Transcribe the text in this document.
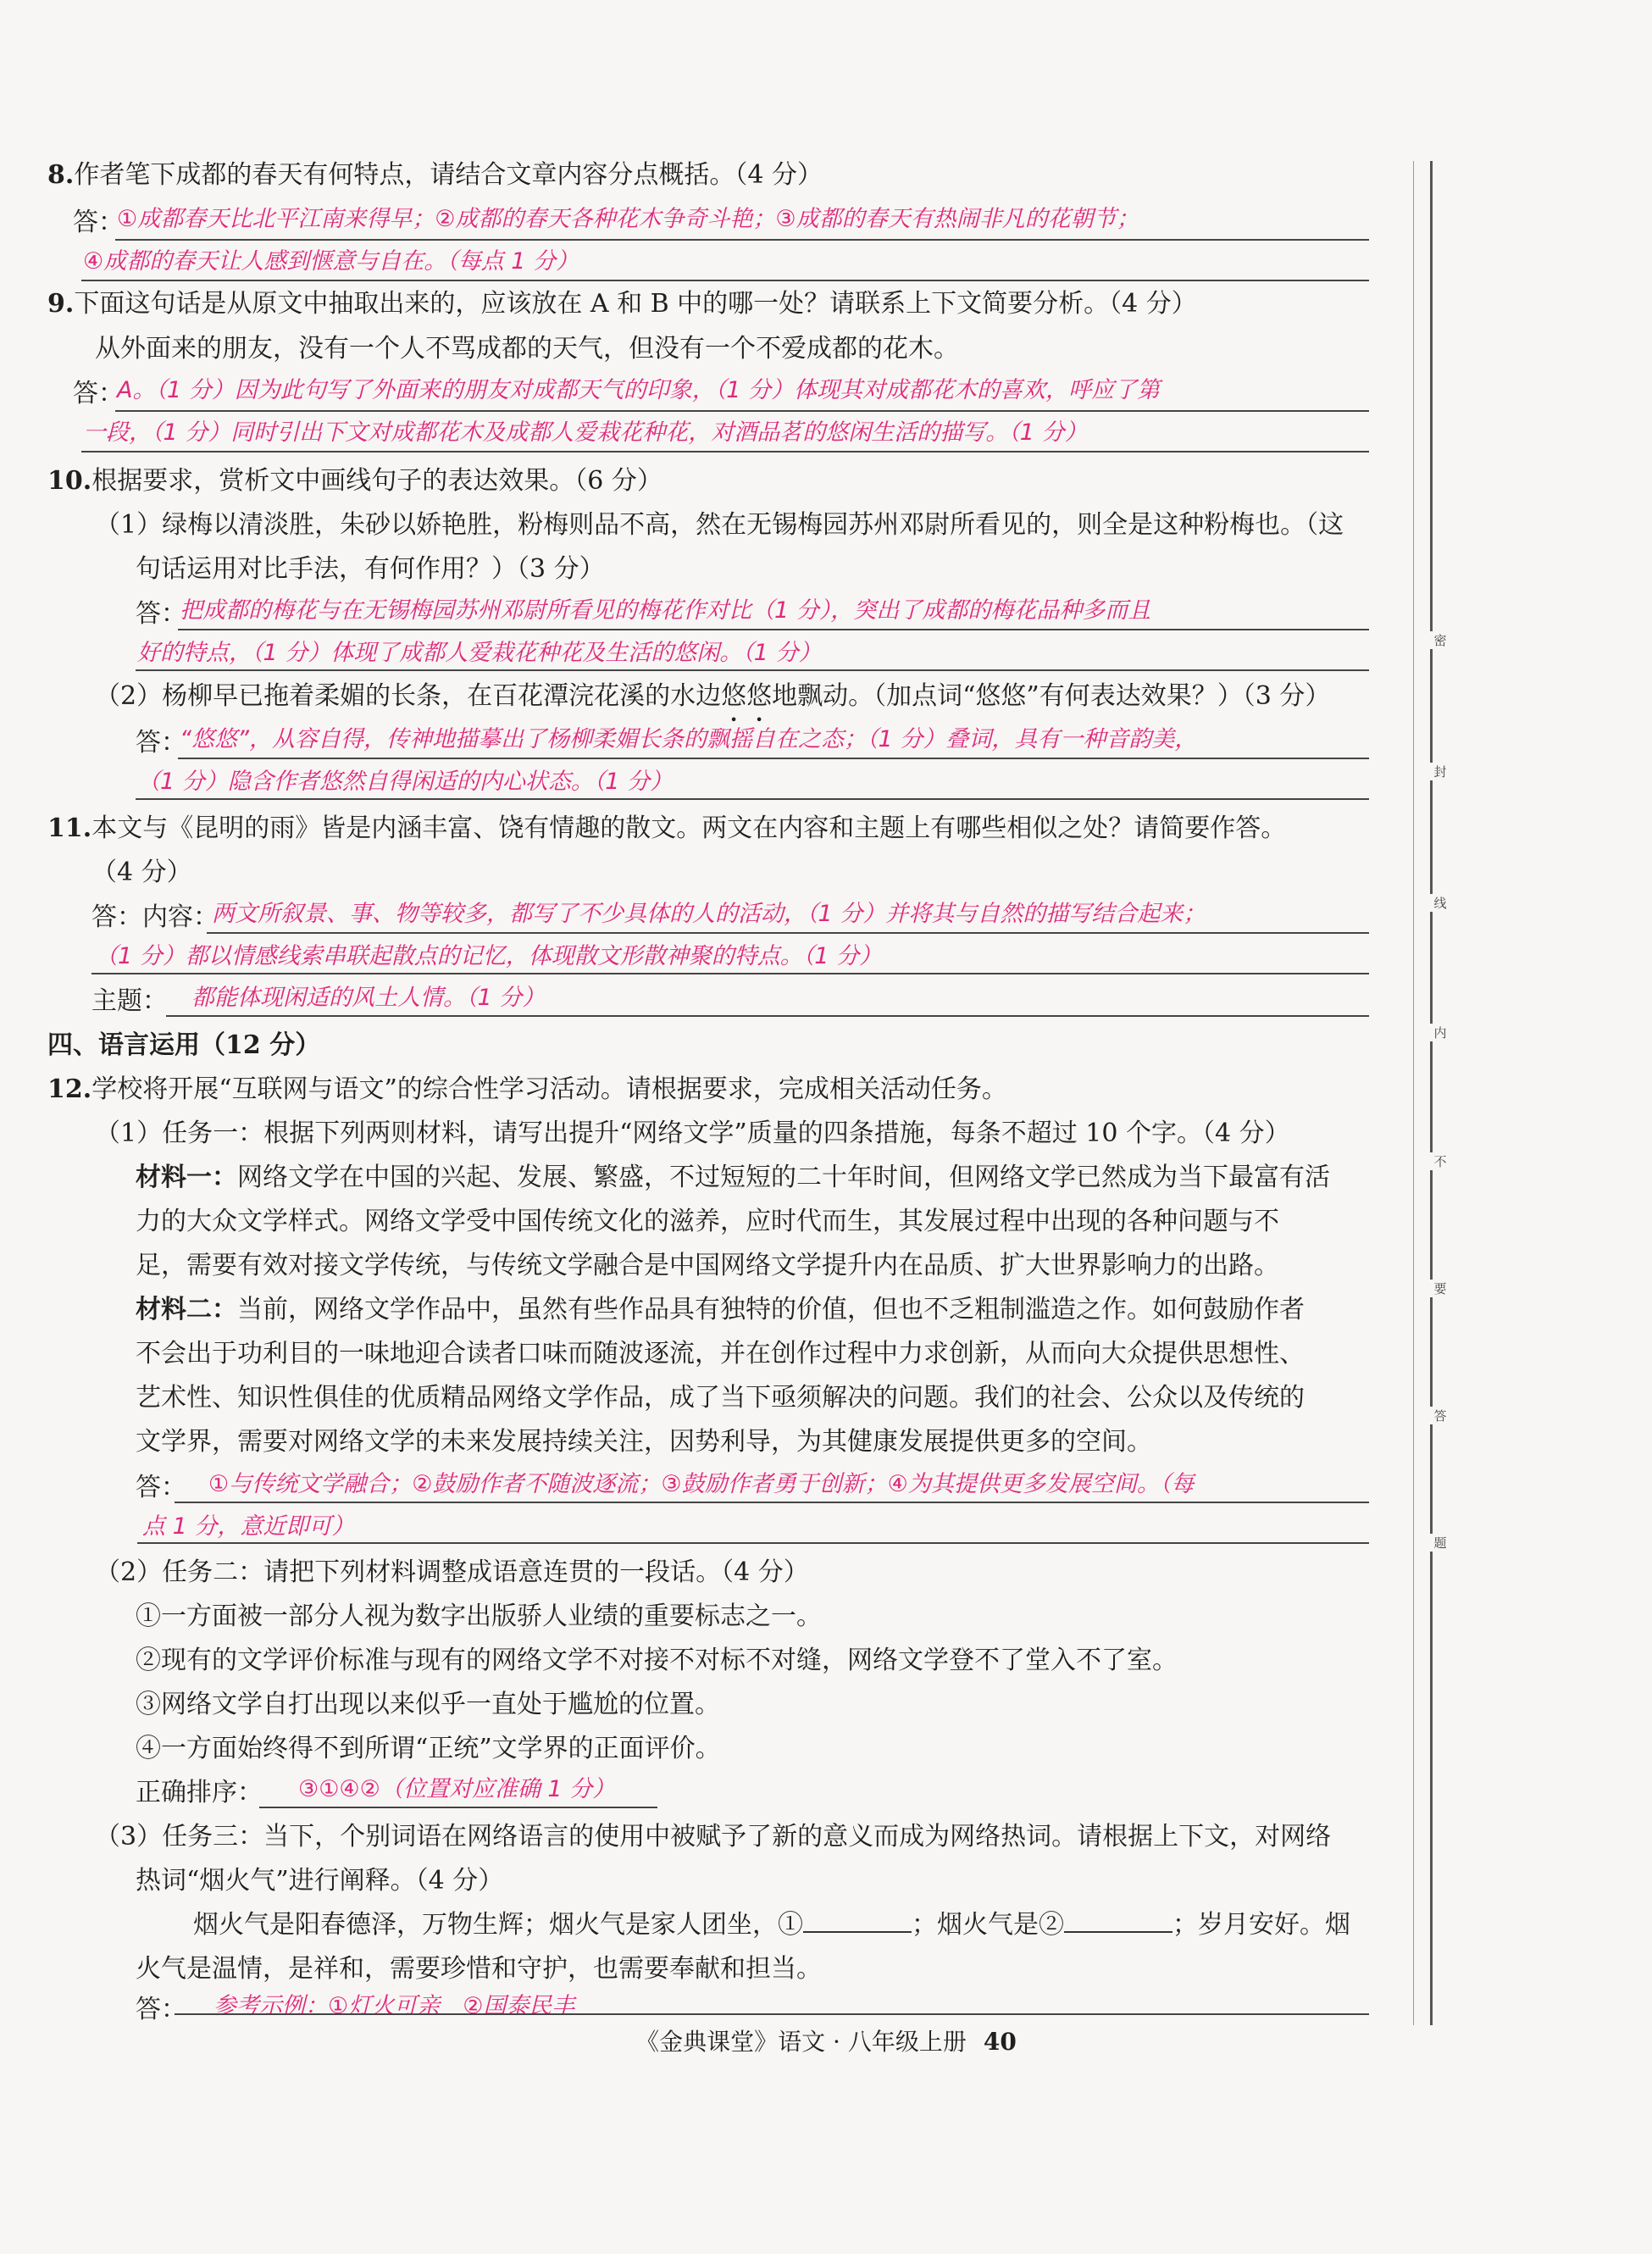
8.作者笔下成都的春天有何特点，请结合文章内容分点概括。（4 分）
答：
①成都春天比北平江南来得早；②成都的春天各种花木争奇斗艳；③成都的春天有热闹非凡的花朝节；
④成都的春天让人感到惬意与自在。（每点 1 分）
9.下面这句话是从原文中抽取出来的，应该放在 A 和 B 中的哪一处？请联系上下文简要分析。（4 分）
从外面来的朋友，没有一个人不骂成都的天气，但没有一个不爱成都的花木。
答：
A。（1 分）因为此句写了外面来的朋友对成都天气的印象，（1 分）体现其对成都花木的喜欢，呼应了第
一段，（1 分）同时引出下文对成都花木及成都人爱栽花种花，对酒品茗的悠闲生活的描写。（1 分）
10.根据要求，赏析文中画线句子的表达效果。（6 分）
（1）绿梅以清淡胜，朱砂以娇艳胜，粉梅则品不高，然在无锡梅园苏州邓尉所看见的，则全是这种粉梅也。（这
句话运用对比手法，有何作用？）（3 分）
答：
把成都的梅花与在无锡梅园苏州邓尉所看见的梅花作对比（1 分），突出了成都的梅花品种多而且
好的特点，（1 分）体现了成都人爱栽花种花及生活的悠闲。（1 分）
（2）杨柳早已拖着柔媚的长条，在百花潭浣花溪的水边悠悠地飘动。（加点词“悠悠”有何表达效果？）（3 分）
答：
“悠悠”，从容自得，传神地描摹出了杨柳柔媚长条的飘摇自在之态；（1 分）叠词，具有一种音韵美，
（1 分）隐含作者悠然自得闲适的内心状态。（1 分）
11.本文与《昆明的雨》皆是内涵丰富、饶有情趣的散文。两文在内容和主题上有哪些相似之处？请简要作答。
（4 分）
答：内容：
两文所叙景、事、物等较多，都写了不少具体的人的活动，（1 分）并将其与自然的描写结合起来；
（1 分）都以情感线索串联起散点的记忆，体现散文形散神聚的特点。（1 分）
主题： 都能体现闲适的风土人情。（1 分）
四、语言运用（12 分）
12.学校将开展“互联网与语文”的综合性学习活动。请根据要求，完成相关活动任务。
（1）任务一：根据下列两则材料，请写出提升“网络文学”质量的四条措施，每条不超过 10 个字。（4 分）
材料一：网络文学在中国的兴起、发展、繁盛，不过短短的二十年时间，但网络文学已然成为当下最富有活
力的大众文学样式。网络文学受中国传统文化的滋养，应时代而生，其发展过程中出现的各种问题与不
足，需要有效对接文学传统，与传统文学融合是中国网络文学提升内在品质、扩大世界影响力的出路。
材料二：当前，网络文学作品中，虽然有些作品具有独特的价值，但也不乏粗制滥造之作。如何鼓励作者
不会出于功利目的一味地迎合读者口味而随波逐流，并在创作过程中力求创新，从而向大众提供思想性、
艺术性、知识性俱佳的优质精品网络文学作品，成了当下亟须解决的问题。我们的社会、公众以及传统的
文学界，需要对网络文学的未来发展持续关注，因势利导，为其健康发展提供更多的空间。
答： ①与传统文学融合；②鼓励作者不随波逐流；③鼓励作者勇于创新；④为其提供更多发展空间。（每
点 1 分，意近即可）
（2）任务二：请把下列材料调整成语意连贯的一段话。（4 分）
①一方面被一部分人视为数字出版骄人业绩的重要标志之一。
②现有的文学评价标准与现有的网络文学不对接不对标不对缝，网络文学登不了堂入不了室。
③网络文学自打出现以来似乎一直处于尴尬的位置。
④一方面始终得不到所谓“正统”文学界的正面评价。
正确排序： ③①④②（位置对应准确 1 分）
（3）任务三：当下，个别词语在网络语言的使用中被赋予了新的意义而成为网络热词。请根据上下文，对网络
热词“烟火气”进行阐释。（4 分）
烟火气是阳春德泽，万物生辉；烟火气是家人团坐，①	；烟火气是②	；岁月安好。烟
火气是温情，是祥和，需要珍惜和守护，也需要奉献和担当。
答： 参考示例：①灯火可亲　②国泰民丰
密
封
线
内
不
要
答
题
《金典课堂》语文 · 八年级上册 40
